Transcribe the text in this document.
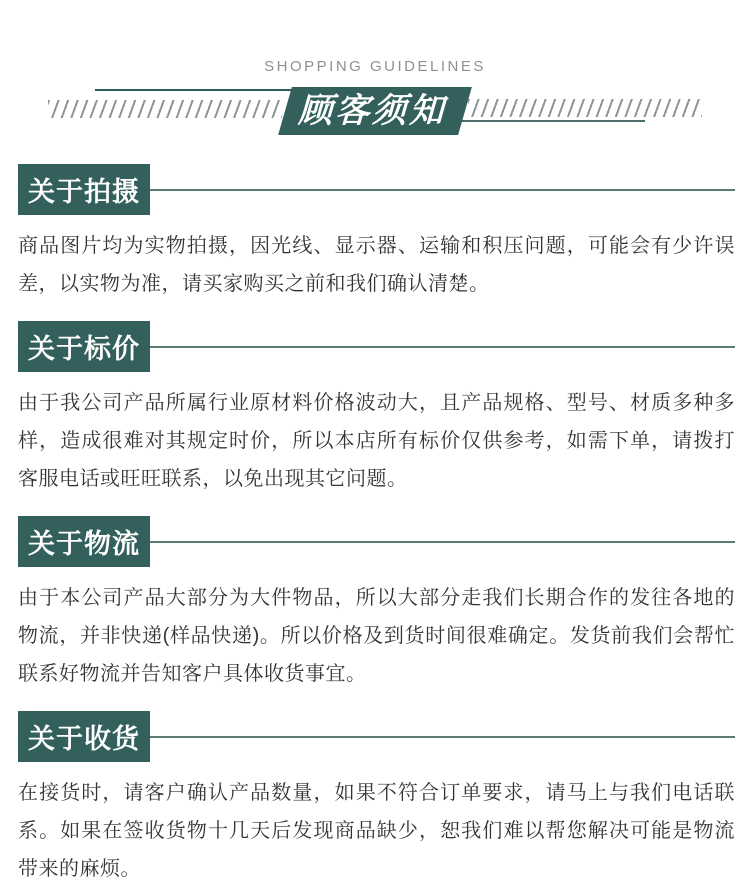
SHOPPING GUIDELINES
顾客须知
关于拍摄
商品图片均为实物拍摄，因光线、显示器、运输和积压问题，可能会有少许误差，以实物为准，请买家购买之前和我们确认清楚。
关于标价
由于我公司产品所属行业原材料价格波动大，且产品规格、型号、材质多种多样，造成很难对其规定时价，所以本店所有标价仅供参考，如需下单，请拨打客服电话或旺旺联系，以免出现其它问题。
关于物流
由于本公司产品大部分为大件物品，所以大部分走我们长期合作的发往各地的物流，并非快递(样品快递)。所以价格及到货时间很难确定。发货前我们会帮忙联系好物流并告知客户具体收货事宜。
关于收货
在接货时，请客户确认产品数量，如果不符合订单要求，请马上与我们电话联系。如果在签收货物十几天后发现商品缺少，恕我们难以帮您解决可能是物流带来的麻烦。
